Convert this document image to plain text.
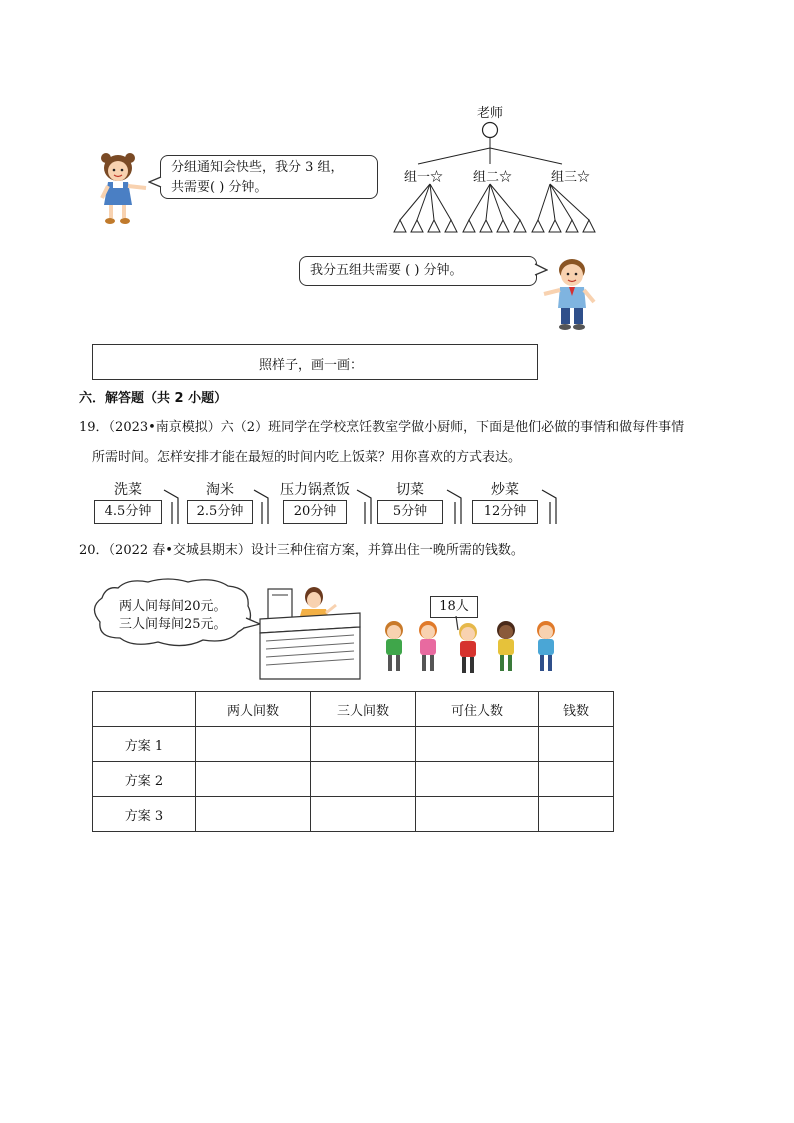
分组通知会快些，我分 3 组，
共需要( ) 分钟。
老师
组一☆ 组二☆	组三☆
我分五组共需要 ( ) 分钟。
照样子，画一画：
六．解答题（共 2 小题）
19．（2023•南京模拟）六（2）班同学在学校烹饪教室学做小厨师，下面是他们必做的事情和做每件事情
所需时间。怎样安排才能在最短的时间内吃上饭菜？用你喜欢的方式表达。
洗菜
4.5分钟
淘米
2.5分钟
压力锅煮饭
20分钟
切菜
5分钟
炒菜
12分钟
20．（2022 春•交城县期末）设计三种住宿方案，并算出住一晚所需的钱数。
两人间每间20元。
三人间每间25元。
18人
	两人间数	三人间数	可住人数	钱数
方案 1				
方案 2				
方案 3				
